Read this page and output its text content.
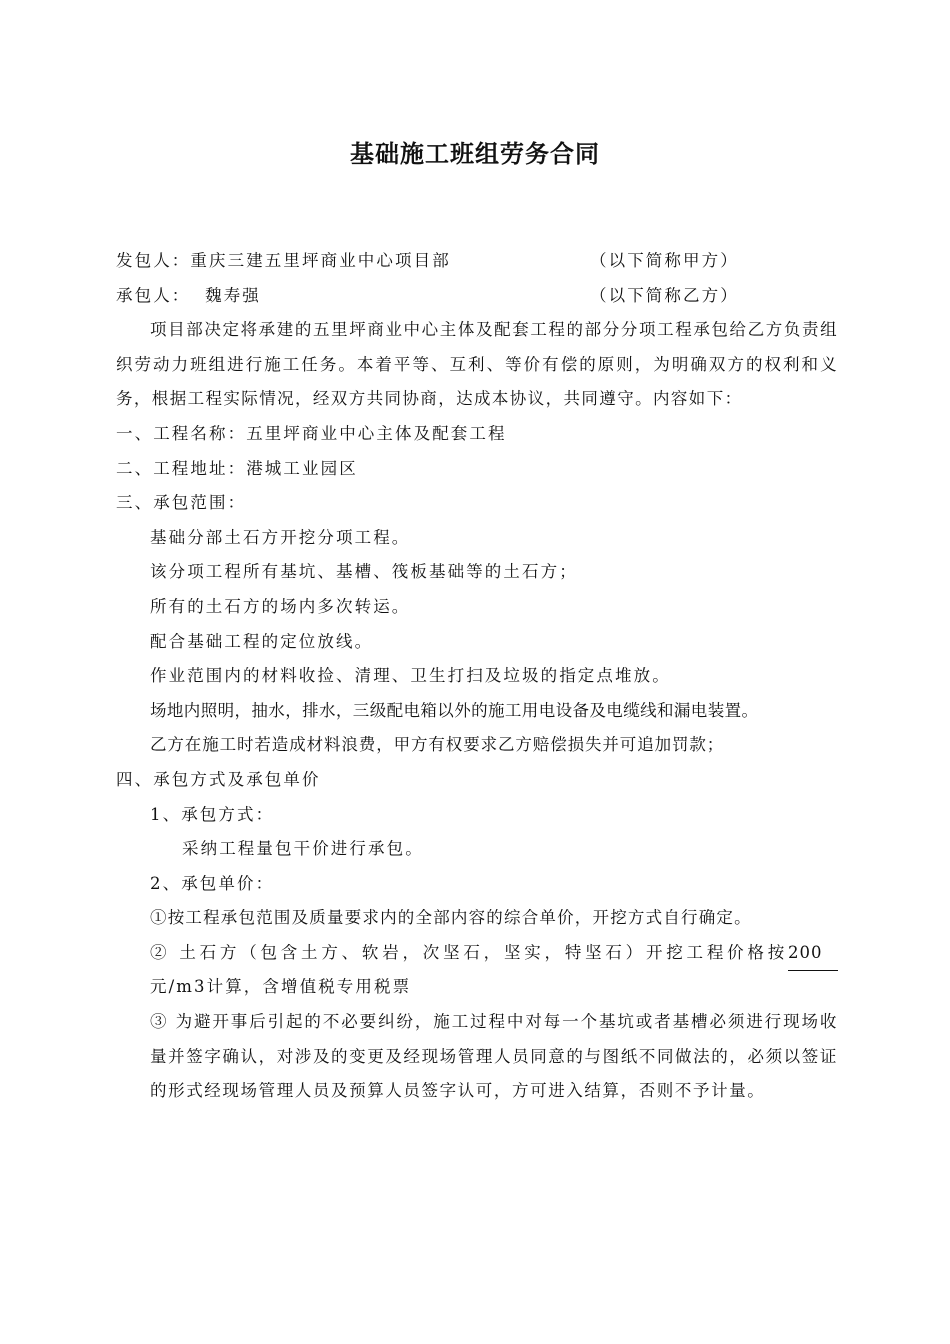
基础施工班组劳务合同
发包人：重庆三建五里坪商业中心项目部	（以下简称甲方）
承包人：  魏寿强	（以下简称乙方）
项目部决定将承建的五里坪商业中心主体及配套工程的部分分项工程承包给乙方负责组织劳动力班组进行施工任务。本着平等、互利、等价有偿的原则，为明确双方的权利和义务，根据工程实际情况，经双方共同协商，达成本协议，共同遵守。内容如下：
一、工程名称：五里坪商业中心主体及配套工程
二、工程地址：港城工业园区
三、承包范围：
基础分部土石方开挖分项工程。
该分项工程所有基坑、基槽、筏板基础等的土石方；
所有的土石方的场内多次转运。
配合基础工程的定位放线。
作业范围内的材料收捡、清理、卫生打扫及垃圾的指定点堆放。
场地内照明，抽水，排水，三级配电箱以外的施工用电设备及电缆线和漏电装置。
乙方在施工时若造成材料浪费，甲方有权要求乙方赔偿损失并可追加罚款；
四、承包方式及承包单价
1、承包方式：
采纳工程量包干价进行承包。
2、承包单价：
①按工程承包范围及质量要求内的全部内容的综合单价，开挖方式自行确定。
② 土石方（包含土方、软岩，次坚石，坚实，特坚石）开挖工程价格按200
元/m3计算，含增值税专用税票
③ 为避开事后引起的不必要纠纷，施工过程中对每一个基坑或者基槽必须进行现场收量并签字确认，对涉及的变更及经现场管理人员同意的与图纸不同做法的，必须以签证的形式经现场管理人员及预算人员签字认可，方可进入结算，否则不予计量。
